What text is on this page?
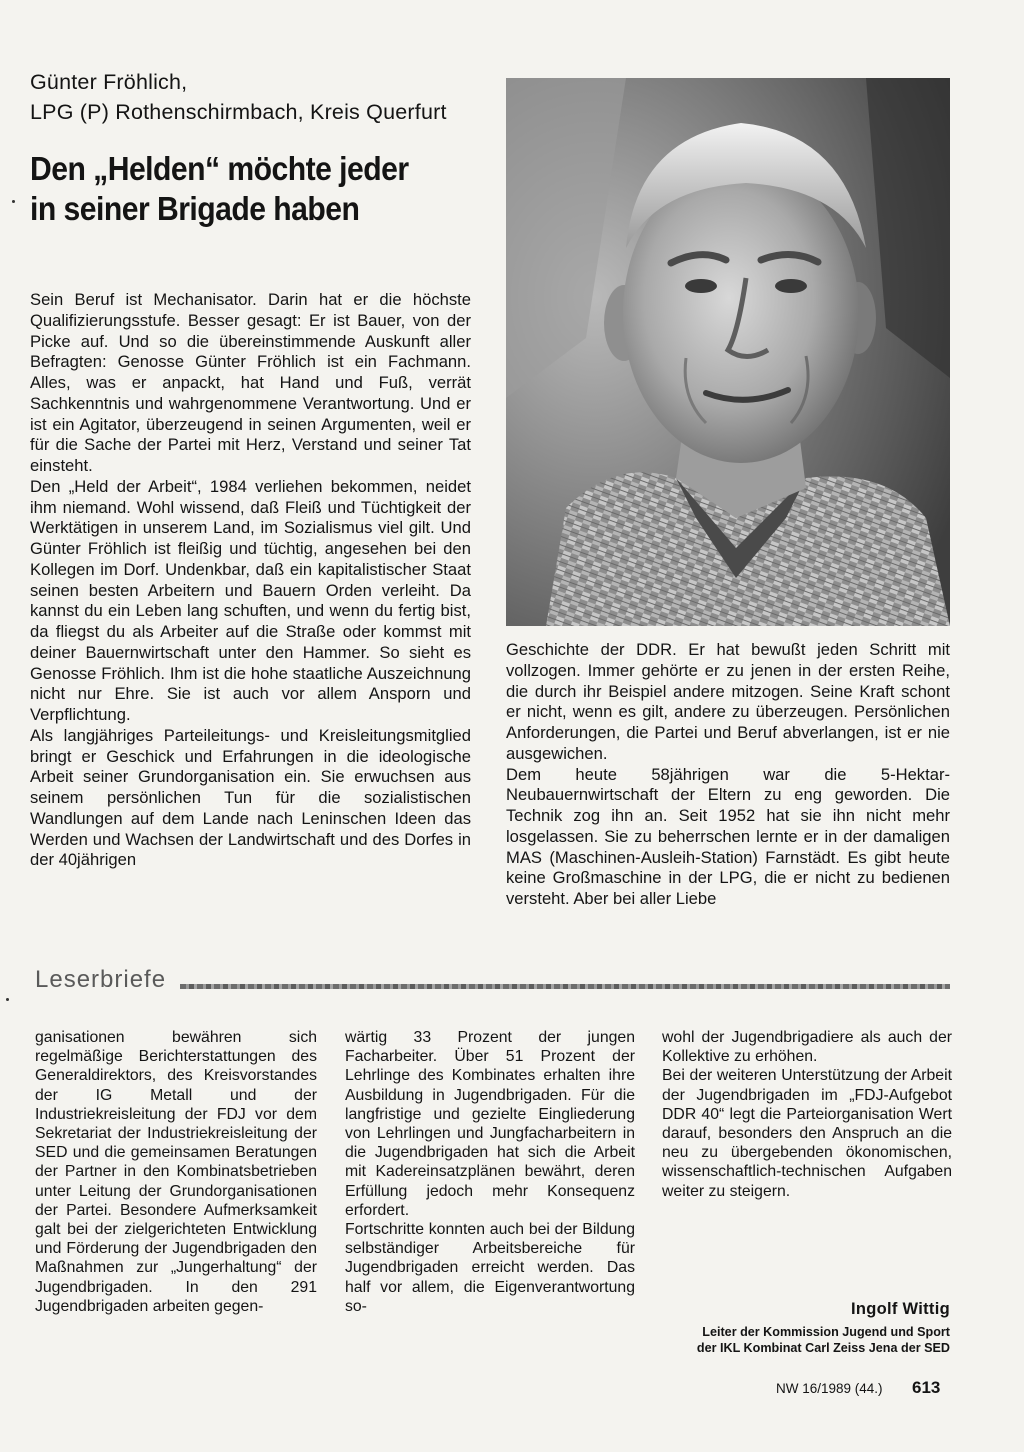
Günter Fröhlich,
LPG (P) Rothenschirmbach, Kreis Querfurt
Den „Helden“ möchte jeder
in seiner Brigade haben

Sein Beruf ist Mechanisator. Darin hat er die höchste Qualifizierungsstufe. Besser gesagt: Er ist Bauer, von der Picke auf. Und so die übereinstimmende Auskunft aller Befragten: Genosse Günter Fröhlich ist ein Fachmann. Alles, was er anpackt, hat Hand und Fuß, verrät Sachkenntnis und wahrgenommene Verantwortung. Und er ist ein Agitator, überzeugend in seinen Argumenten, weil er für die Sache der Partei mit Herz, Verstand und seiner Tat einsteht.

Den „Held der Arbeit“, 1984 verliehen bekommen, neidet ihm niemand. Wohl wissend, daß Fleiß und Tüchtigkeit der Werktätigen in unserem Land, im Sozialismus viel gilt. Und Günter Fröhlich ist fleißig und tüchtig, angesehen bei den Kollegen im Dorf. Undenkbar, daß ein kapitalistischer Staat seinen besten Arbeitern und Bauern Orden verleiht. Da kannst du ein Leben lang schuften, und wenn du fertig bist, da fliegst du als Arbeiter auf die Straße oder kommst mit deiner Bauernwirtschaft unter den Hammer. So sieht es Genosse Fröhlich. Ihm ist die hohe staatliche Auszeichnung nicht nur Ehre. Sie ist auch vor allem Ansporn und Verpflichtung.

Als langjähriges Parteileitungs- und Kreisleitungsmitglied bringt er Geschick und Erfahrungen in die ideologische Arbeit seiner Grundorganisation ein. Sie erwuchsen aus seinem persönlichen Tun für die sozialistischen Wandlungen auf dem Lande nach Leninschen Ideen das Werden und Wachsen der Landwirtschaft und des Dorfes in der 40jährigen

Geschichte der DDR. Er hat bewußt jeden Schritt mit vollzogen. Immer gehörte er zu jenen in der ersten Reihe, die durch ihr Beispiel andere mitzogen. Seine Kraft schont er nicht, wenn es gilt, andere zu überzeugen. Persönlichen Anforderungen, die Partei und Beruf abverlangen, ist er nie ausgewichen.

Dem heute 58jährigen war die 5-Hektar-Neubauernwirtschaft der Eltern zu eng geworden. Die Technik zog ihn an. Seit 1952 hat sie ihn nicht mehr losgelassen. Sie zu beherrschen lernte er in der damaligen MAS (Maschinen-Ausleih-Station) Farnstädt. Es gibt heute keine Großmaschine in der LPG, die er nicht zu bedienen versteht. Aber bei aller Liebe

Leserbriefe

ganisationen bewähren sich regelmäßige Berichterstattungen des Generaldirektors, des Kreisvorstandes der IG Metall und der Industriekreisleitung der FDJ vor dem Sekretariat der Industriekreisleitung der SED und die gemeinsamen Beratungen der Partner in den Kombinatsbetrieben unter Leitung der Grundorganisationen der Partei. Besondere Aufmerksamkeit galt bei der zielgerichteten Entwicklung und Förderung der Jugendbrigaden den Maßnahmen zur „Jungerhaltung“ der Jugendbrigaden. In den 291 Jugendbrigaden arbeiten gegen-

wärtig 33 Prozent der jungen Facharbeiter. Über 51 Prozent der Lehrlinge des Kombinates erhalten ihre Ausbildung in Jugendbrigaden. Für die langfristige und gezielte Eingliederung von Lehrlingen und Jungfacharbeitern in die Jugendbrigaden hat sich die Arbeit mit Kadereinsatzplänen bewährt, deren Erfüllung jedoch mehr Konsequenz erfordert.

Fortschritte konnten auch bei der Bildung selbständiger Arbeitsbereiche für Jugendbrigaden erreicht werden. Das half vor allem, die Eigenverantwortung so-

wohl der Jugendbrigadiere als auch der Kollektive zu erhöhen.

Bei der weiteren Unterstützung der Arbeit der Jugendbrigaden im „FDJ-Aufgebot DDR 40“ legt die Parteiorganisation Wert darauf, besonders den Anspruch an die neu zu übergebenden ökonomischen, wissenschaftlich-technischen Aufgaben weiter zu steigern.

Ingolf Wittig
Leiter der Kommission Jugend und Sport
der IKL Kombinat Carl Zeiss Jena der SED
NW 16/1989 (44.) 613
